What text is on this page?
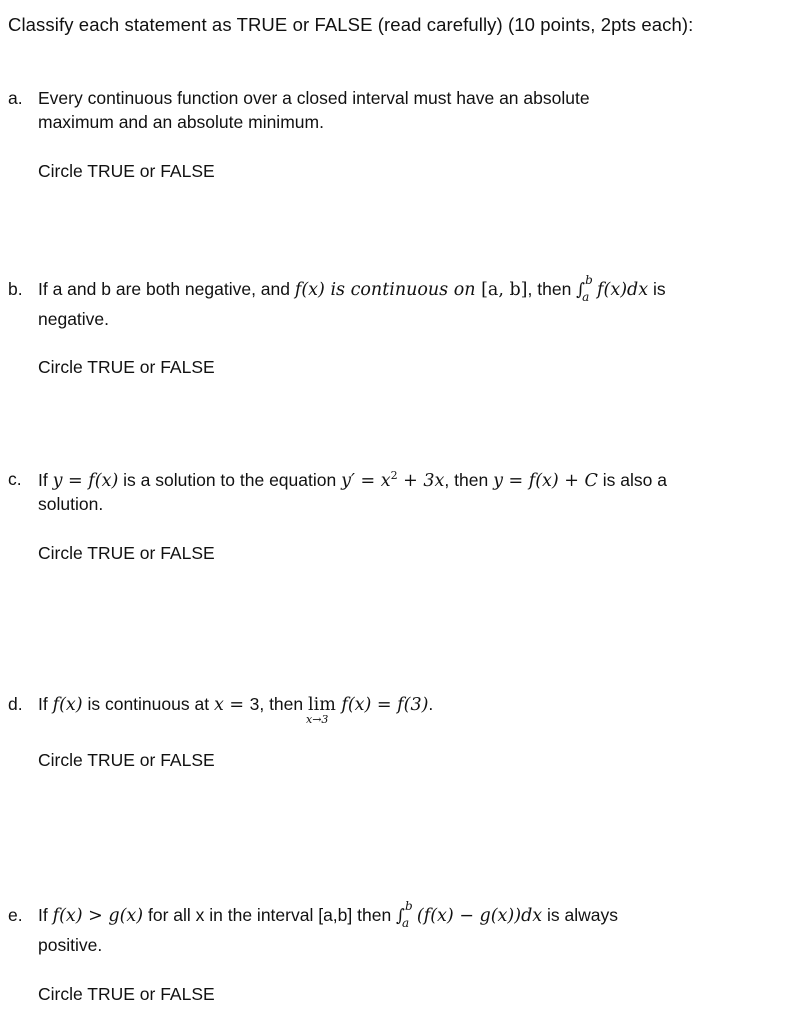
Classify each statement as TRUE or FALSE (read carefully) (10 points, 2pts each):
a. Every continuous function over a closed interval must have an absolute
maximum and an absolute minimum.
Circle TRUE or FALSE
b. If a and b are both negative, and f(x) is continuous on [a, b], then ∫ b
a f(x)dx is
negative.
Circle TRUE or FALSE
c. If y = f(x) is a solution to the equation $y' = x^2 + 3x$, then y = f(x) + C is also a
solution.
Circle TRUE or FALSE
d. If f(x) is continuous at x = 3, then lim
x→3
f(x) = f(3).
Circle TRUE or FALSE
e. If f(x) > g(x) for all x in the interval [a,b] then ∫ b
a (f(x) − g(x))dx is always
positive.
Circle TRUE or FALSE
